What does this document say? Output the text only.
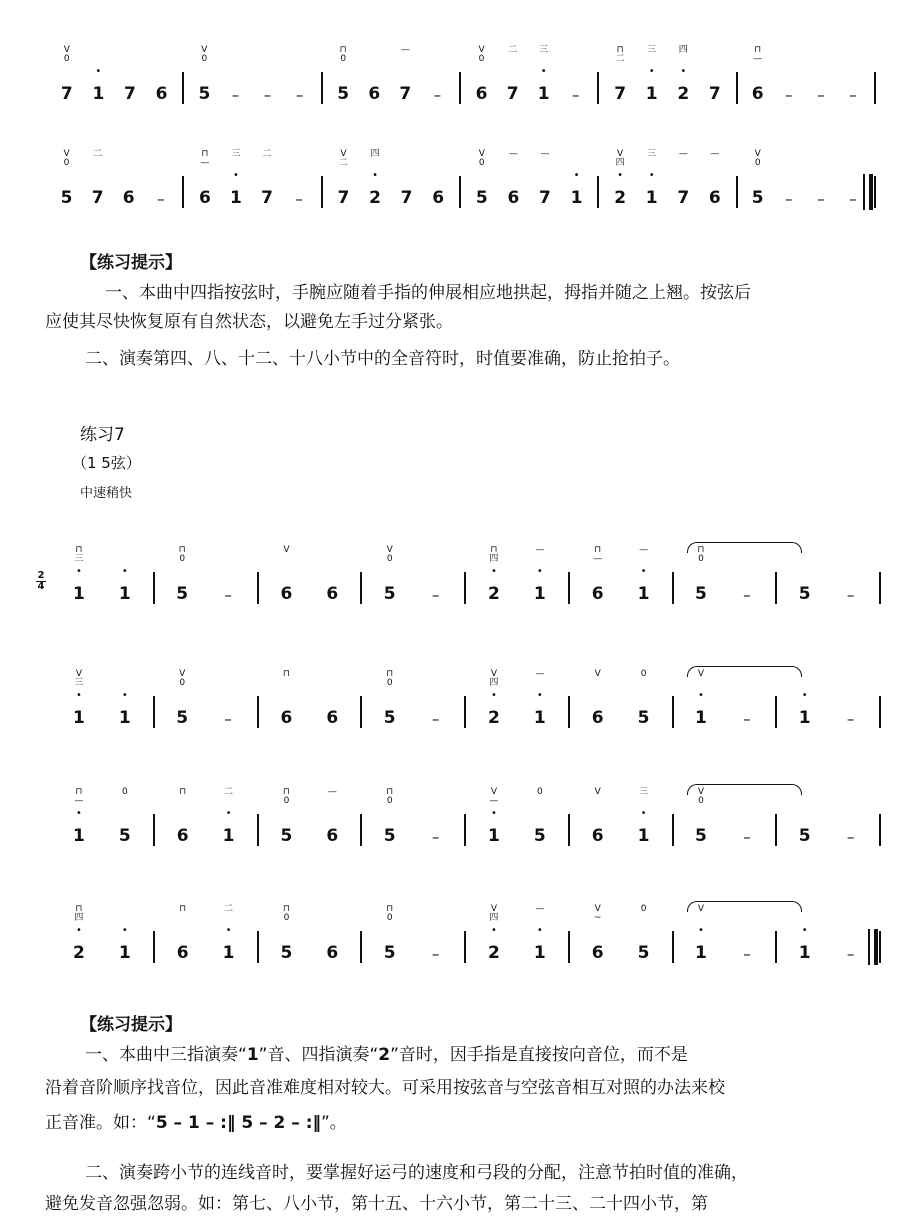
V
0
7
•
1	7	6
V
0
5	–	–	–
⊓
0
5	6
—
7	–
V
0
6
二
7
三
•
1	–
⊓
二
7
三
•
1
四
•
2	7
⊓
—
6	–	–	–
V
0
5
二
7	6	–
⊓
—
6
三
•
1
二
7	–
V
二
7
四
•
2	7	6
V
0
5
—
6
—
7
•
1
V
四
•
2
三
•
1
—
7
—
6
V
0
5	–	–	–
【练习提示】
一、本曲中四指按弦时，手腕应随着手指的伸展相应地拱起，拇指并随之上翘。按弦后
应使其尽快恢复原有自然状态，以避免左手过分紧张。
二、演奏第四、八、十二、十八小节中的全音符时，时值要准确，防止抢拍子。
练习7
（1 5弦）
中速稍快
2
4
⊓
三
•
1
•
1
⊓
0
5	–
V
6	6
V
0
5	–
⊓
四
•
2
—
•
1
⊓
—
6
—
•
1
⊓
0
5	–	5	–
V
三
•
1
•
1
V
0
5	–
⊓
6	6
⊓
0
5	–
V
四
•
2
—
•
1
V
6
0
5
V

•
1	–
•
1	–
⊓
—
•
1
0
5
⊓
6
二
•
1
⊓
0
5
—
6
⊓
0
5	–
V
—
•
1
0
5
V
6
三
•
1
V
0
5	–	5	–
⊓
四
•
2
•
1
⊓
6
二
•
1
⊓
0
5	6
⊓
0
5	–
V
四
•
2
—
•
1
V
~
6
0
5
V
•
1	–
•
1	–
【练习提示】
一、本曲中三指演奏“1”音、四指演奏“2”音时，因手指是直接按向音位，而不是
沿着音阶顺序找音位，因此音准难度相对较大。可采用按弦音与空弦音相互对照的办法来校
正音准。如：“5 – 1 – :‖ 5 – 2 – :‖”。
二、演奏跨小节的连线音时，要掌握好运弓的速度和弓段的分配，注意节拍时值的准确，
避免发音忽强忽弱。如：第七、八小节，第十五、十六小节，第二十三、二十四小节，第
